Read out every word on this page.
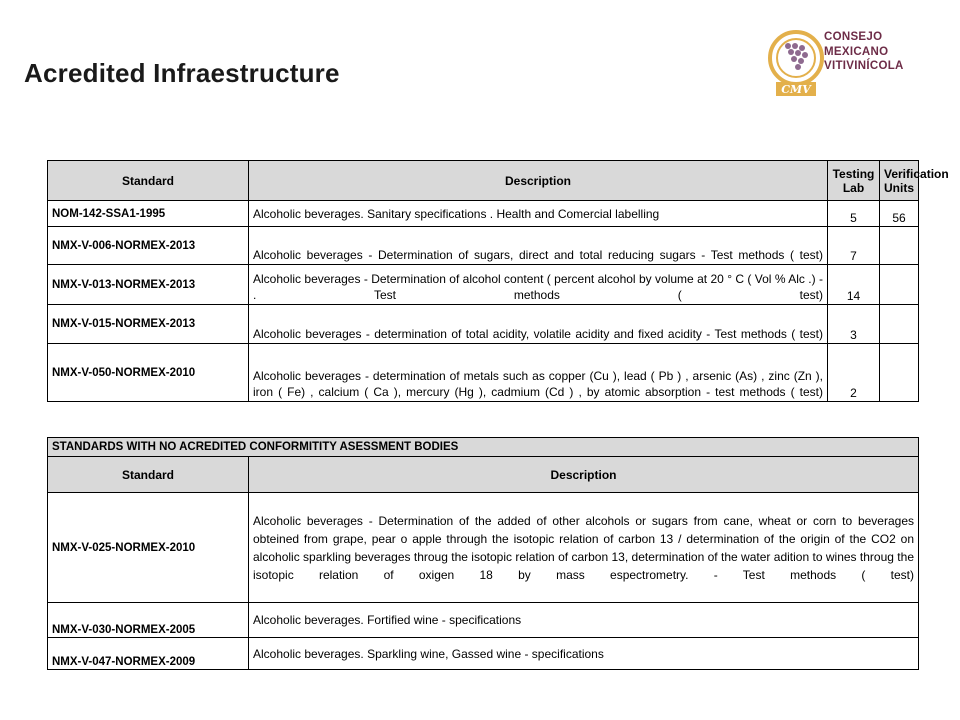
Acredited Infraestructure
CMV
CONSEJO
MEXICANO
VITIVINÍCOLA
Standard	Description	Testing Lab	Verification Units
NOM-142-SSA1-1995	Alcoholic beverages. Sanitary specifications . Health and Comercial labelling	5	56
NMX-V-006-NORMEX-2013	Alcoholic beverages - Determination of sugars, direct and total reducing sugars - Test methods ( test)	7	
NMX-V-013-NORMEX-2013	Alcoholic beverages - Determination of alcohol content ( percent alcohol by volume at 20 ° C ( Vol % Alc .) - . Test methods ( test)	14	
NMX-V-015-NORMEX-2013	Alcoholic beverages - determination of total acidity, volatile acidity and fixed acidity - Test methods ( test)	3	
NMX-V-050-NORMEX-2010	Alcoholic beverages - determination of metals such as copper (Cu ), lead ( Pb ) , arsenic (As) , zinc (Zn ), iron ( Fe) , calcium ( Ca ), mercury (Hg ), cadmium (Cd ) , by atomic absorption - test methods ( test)	2	
STANDARDS WITH NO ACREDITED CONFORMITITY ASESSMENT BODIES	
Standard	Description
NMX-V-025-NORMEX-2010	Alcoholic beverages - Determination of the added of other alcohols or sugars from cane, wheat or corn to beverages obteined from grape, pear o apple through the isotopic relation of carbon 13 / determination of the origin of the CO2 on alcoholic sparkling beverages throug the isotopic relation of carbon 13, determination of the water adition to wines throug the isotopic relation of oxigen 18 by mass espectrometry. - Test methods ( test)
NMX-V-030-NORMEX-2005	Alcoholic beverages. Fortified wine - specifications
NMX-V-047-NORMEX-2009	Alcoholic beverages. Sparkling wine, Gassed wine - specifications
